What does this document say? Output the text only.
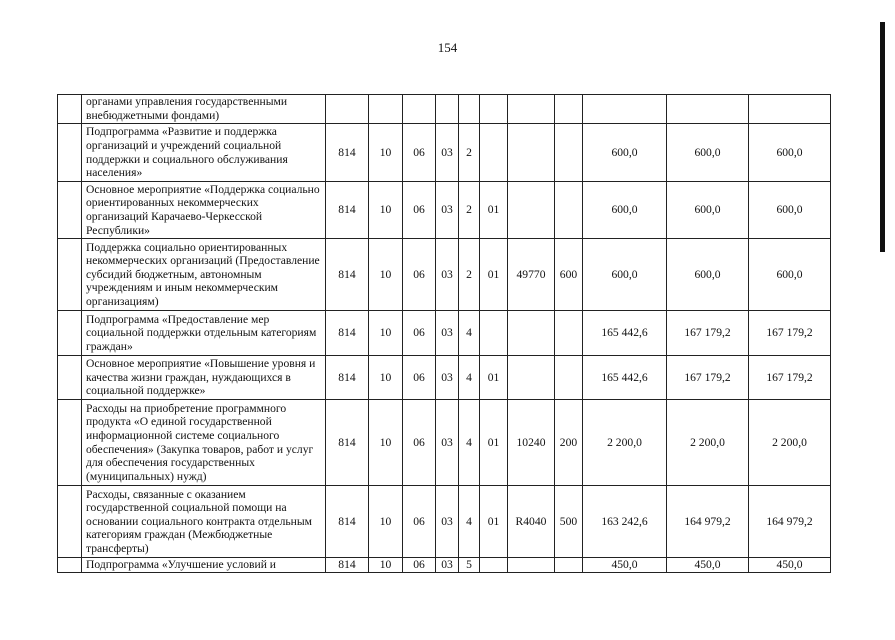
154
	органами управления государственными внебюджетными фондами)											
	Подпрограмма «Развитие и поддержка организаций и учреждений социальной поддержки и социального обслуживания населения»	814	10	06	03	2				600,0	600,0	600,0
	Основное мероприятие «Поддержка социально ориентированных некоммерческих организаций Карачаево-Черкесской Республики»	814	10	06	03	2	01			600,0	600,0	600,0
	Поддержка социально ориентированных некоммерческих организаций (Предоставление субсидий бюджетным, автономным учреждениям и иным некоммерческим организациям)	814	10	06	03	2	01	49770	600	600,0	600,0	600,0
	Подпрограмма «Предоставление мер социальной поддержки отдельным категориям граждан»	814	10	06	03	4				165 442,6	167 179,2	167 179,2
	Основное мероприятие «Повышение уровня и качества жизни граждан, нуждающихся в социальной поддержке»	814	10	06	03	4	01			165 442,6	167 179,2	167 179,2
	Расходы на приобретение программного продукта «О единой государственной информационной системе социального обеспечения» (Закупка товаров, работ и услуг для обеспечения государственных (муниципальных) нужд)	814	10	06	03	4	01	10240	200	2 200,0	2 200,0	2 200,0
	Расходы, связанные с оказанием государственной социальной помощи на основании социального контракта отдельным категориям граждан (Межбюджетные трансферты)	814	10	06	03	4	01	R4040	500	163 242,6	164 979,2	164 979,2
	Подпрограмма «Улучшение условий и	814	10	06	03	5				450,0	450,0	450,0
